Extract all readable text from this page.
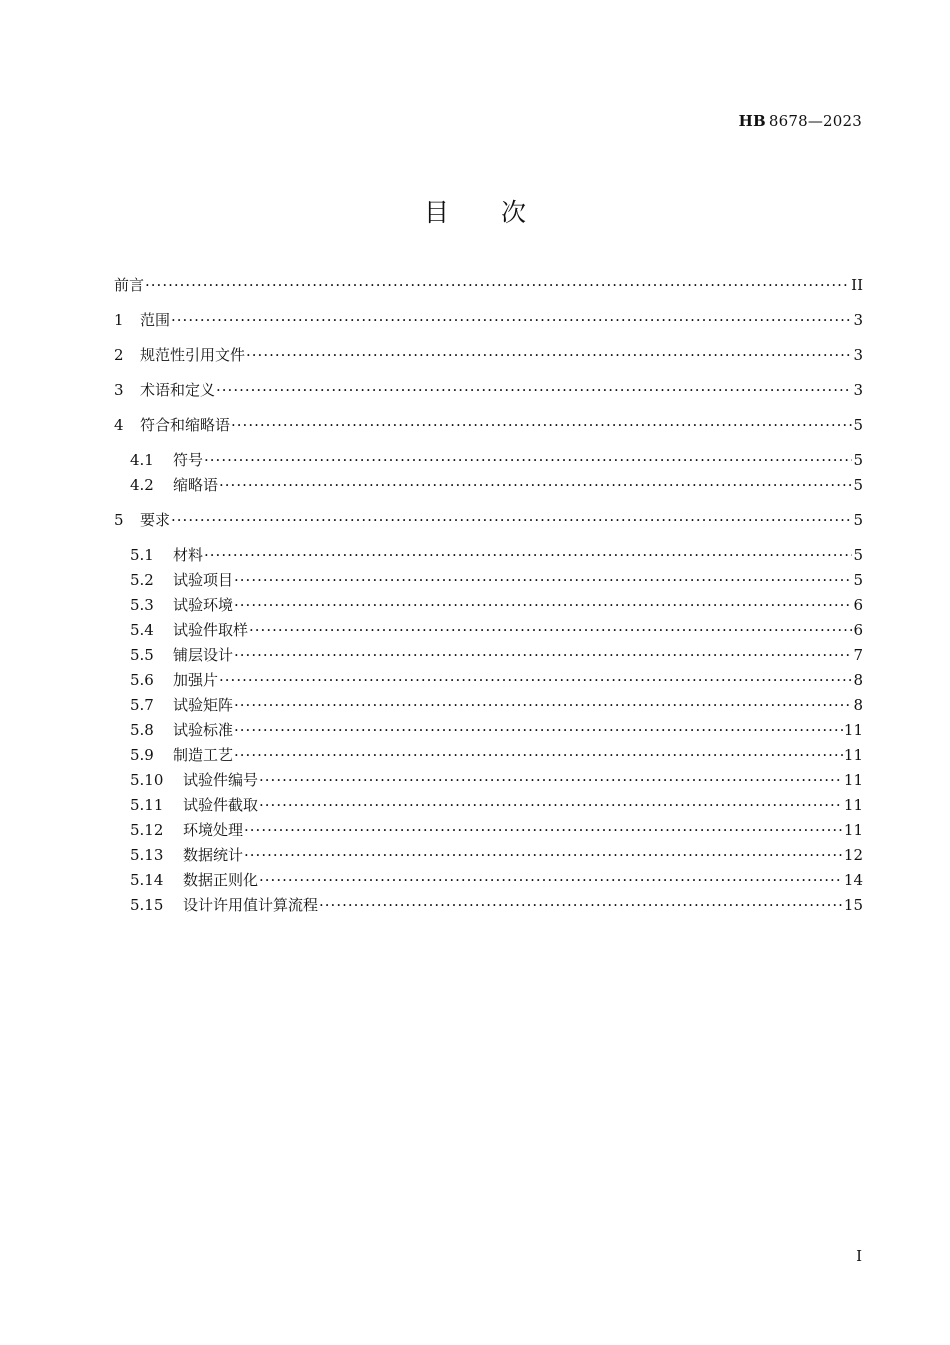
HB 8678—2023
目次
前言 ·····	II
1	范围 ·····	3
2	规范性引用文件 ·····	3
3	术语和定义 ·····	3
4	符合和缩略语 ·····	5
4.1	符号 ·····	5
4.2	缩略语 ·····	5
5	要求 ·····	5
5.1	材料 ·····	5
5.2	试验项目 ·····	5
5.3	试验环境 ·····	6
5.4	试验件取样 ·····	6
5.5	铺层设计 ·····	7
5.6	加强片 ·····	8
5.7	试验矩阵 ·····	8
5.8	试验标准 ·····	11
5.9	制造工艺 ·····	11
5.10	试验件编号 ·····	11
5.11	试验件截取 ·····	11
5.12	环境处理 ·····	11
5.13	数据统计 ·····	12
5.14	数据正则化 ·····	14
5.15	设计许用值计算流程 ·····	15
I
